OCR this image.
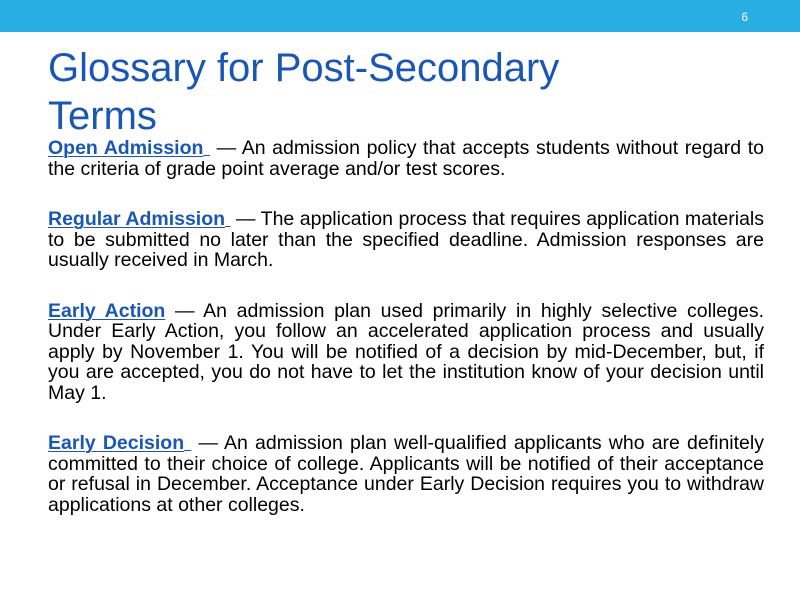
6
Glossary for Post-Secondary Terms

Open Admission — An admission policy that accepts students without regard to the criteria of grade point average and/or test scores.

Regular Admission — The application process that requires application materials to be submitted no later than the specified deadline. Admission responses are usually received in March.

Early Action — An admission plan used primarily in highly selective colleges. Under Early Action, you follow an accelerated application process and usually apply by November 1. You will be notified of a decision by mid-December, but, if you are accepted, you do not have to let the institution know of your decision until May 1.

Early Decision — An admission plan well-qualified applicants who are definitely committed to their choice of college. Applicants will be notified of their acceptance or refusal in December. Acceptance under Early Decision requires you to withdraw applications at other colleges.
